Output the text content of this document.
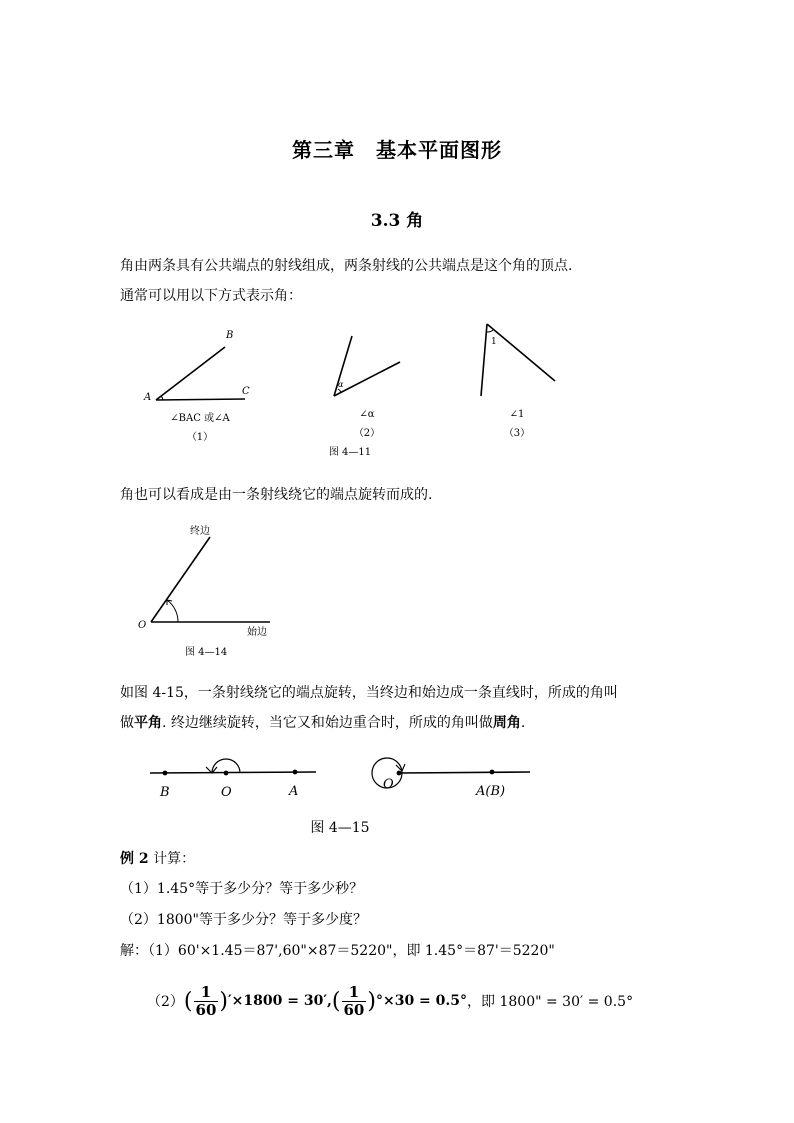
第三章　基本平面图形
3.3 角
角由两条具有公共端点的射线组成，两条射线的公共端点是这个角的顶点.
通常可以用以下方式表示角：
B
A
C
∠BAC 或∠A
（1）
α
∠α
（2）
1
∠1
（3）
图 4—11
角也可以看成是由一条射线绕它的端点旋转而成的.
终边
始边
O
图 4—14
如图 4-15，一条射线绕它的端点旋转，当终边和始边成一条直线时，所成的角叫
做平角. 终边继续旋转，当它又和始边重合时，所成的角叫做周角.
B	O	A	O	A(B)
图 4—15
例 2 计算：
（1）1.45°等于多少分？等于多少秒？
（2）1800"等于多少分？等于多少度？
解：（1）60'×1.45＝87',60"×87＝5220"，即 1.45°＝87'＝5220"
（2） ( 1
60 ) ′×1800 = 30′, ( 1
60 ) °×30 = 0.5° ，即 1800" = 30′ = 0.5°
